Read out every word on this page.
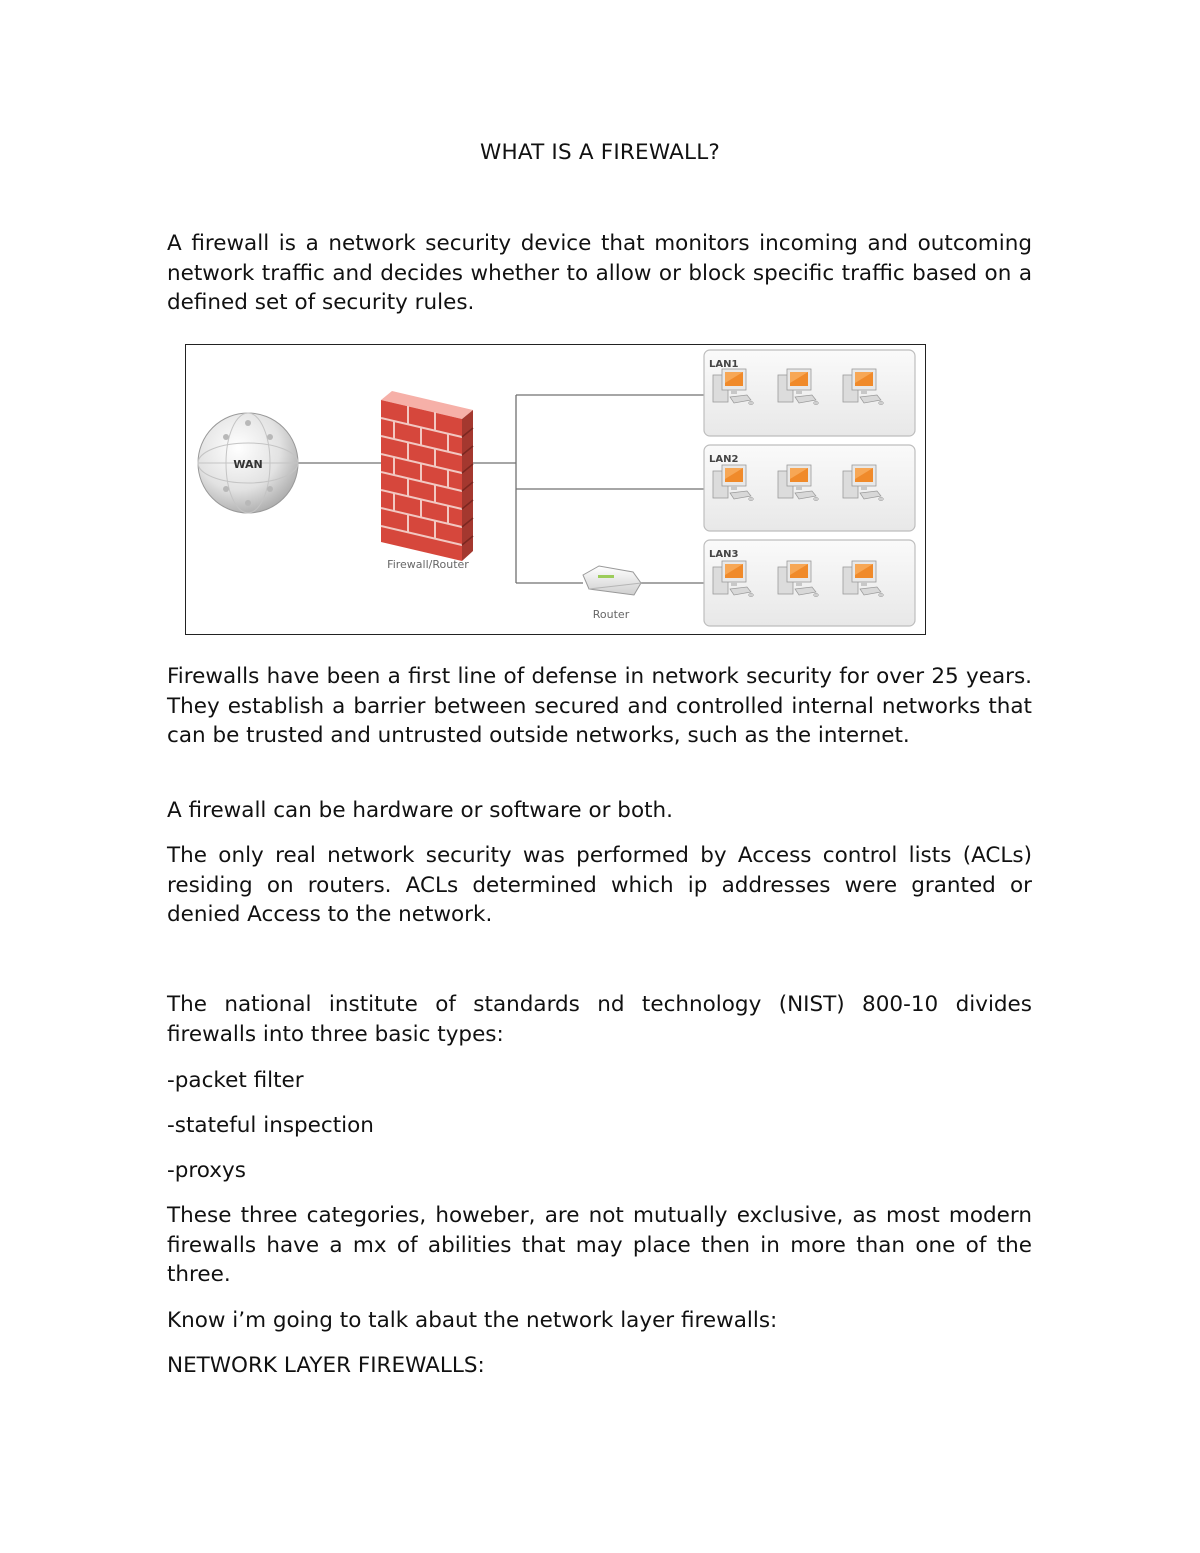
WHAT IS A FIREWALL?

A firewall is a network security device that monitors incoming and outcoming network traffic and decides whether to allow or block specific traffic based on a defined set of security rules.

WAN
Firewall/Router
Router
LAN1
LAN2
LAN3

Firewalls have been a first line of defense in network security for over 25 years. They establish a barrier between secured and controlled internal networks that can be trusted and untrusted outside networks, such as the internet.

A firewall can be hardware or software or both.

The only real network security was performed by Access control lists (ACLs) residing on routers. ACLs determined which ip addresses were granted or denied Access to the network.

The national institute of standards nd technology (NIST) 800-10 divides firewalls into three basic types:

-packet filter

-stateful inspection

-proxys

These three categories, howeber, are not mutually exclusive, as most modern firewalls have a mx of abilities that may place then in more than one of the three.

Know i’m going to talk abaut the network layer firewalls:

NETWORK LAYER FIREWALLS:
